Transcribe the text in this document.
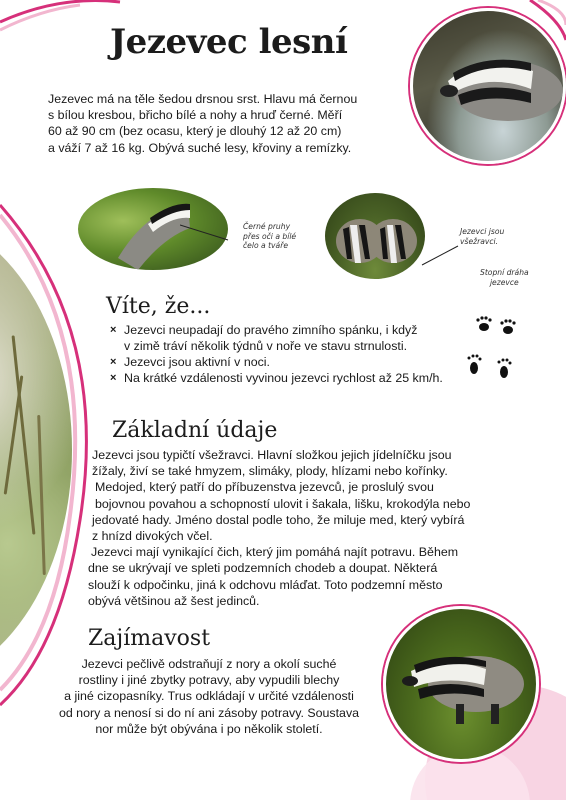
Jezevec lesní

Jezevec má na těle šedou drsnou srst. Hlavu má černou
s bílou kresbou, břicho bílé a nohy a hruď černé. Měří
60 až 90 cm (bez ocasu, který je dlouhý 12 až 20 cm)
a váží 7 až 16 kg. Obývá suché lesy, křoviny a remízky.

Černé pruhy
přes oči a bílé
čelo a tváře
Jezevci jsou
všežravci.
Stopní dráha
jezevce
Víte, že...
× Jezevci neupadají do pravého zimního spánku, i když
v zimě tráví několik týdnů v noře ve stavu strnulosti.
× Jezevci jsou aktivní v noci.
× Na krátké vzdálenosti vyvinou jezevci rychlost až 25 km/h.
Základní údaje

Jezevci jsou typičtí všežravci. Hlavní složkou jejich jídelníčku jsou
žížaly, živí se také hmyzem, slimáky, plody, hlízami nebo kořínky.
Medojed, který patří do příbuzenstva jezevců, je proslulý svou
bojovnou povahou a schopností ulovit i šakala, lišku, krokodýla nebo
jedovaté hady. Jméno dostal podle toho, že miluje med, který vybírá
z hnízd divokých včel.
Jezevci mají vynikající čich, který jim pomáhá najít potravu. Během
dne se ukrývají ve spleti podzemních chodeb a doupat. Některá
slouží k odpočinku, jiná k odchovu mláďat. Toto podzemní město
obývá většinou až šest jedinců.

Zajímavost

Jezevci pečlivě odstraňují z nory a okolí suché
rostliny i jiné zbytky potravy, aby vypudili blechy
a jiné cizopasníky. Trus odkládají v určité vzdálenosti
od nory a nenosí si do ní ani zásoby potravy. Soustava
nor může být obývána i po několik století.
